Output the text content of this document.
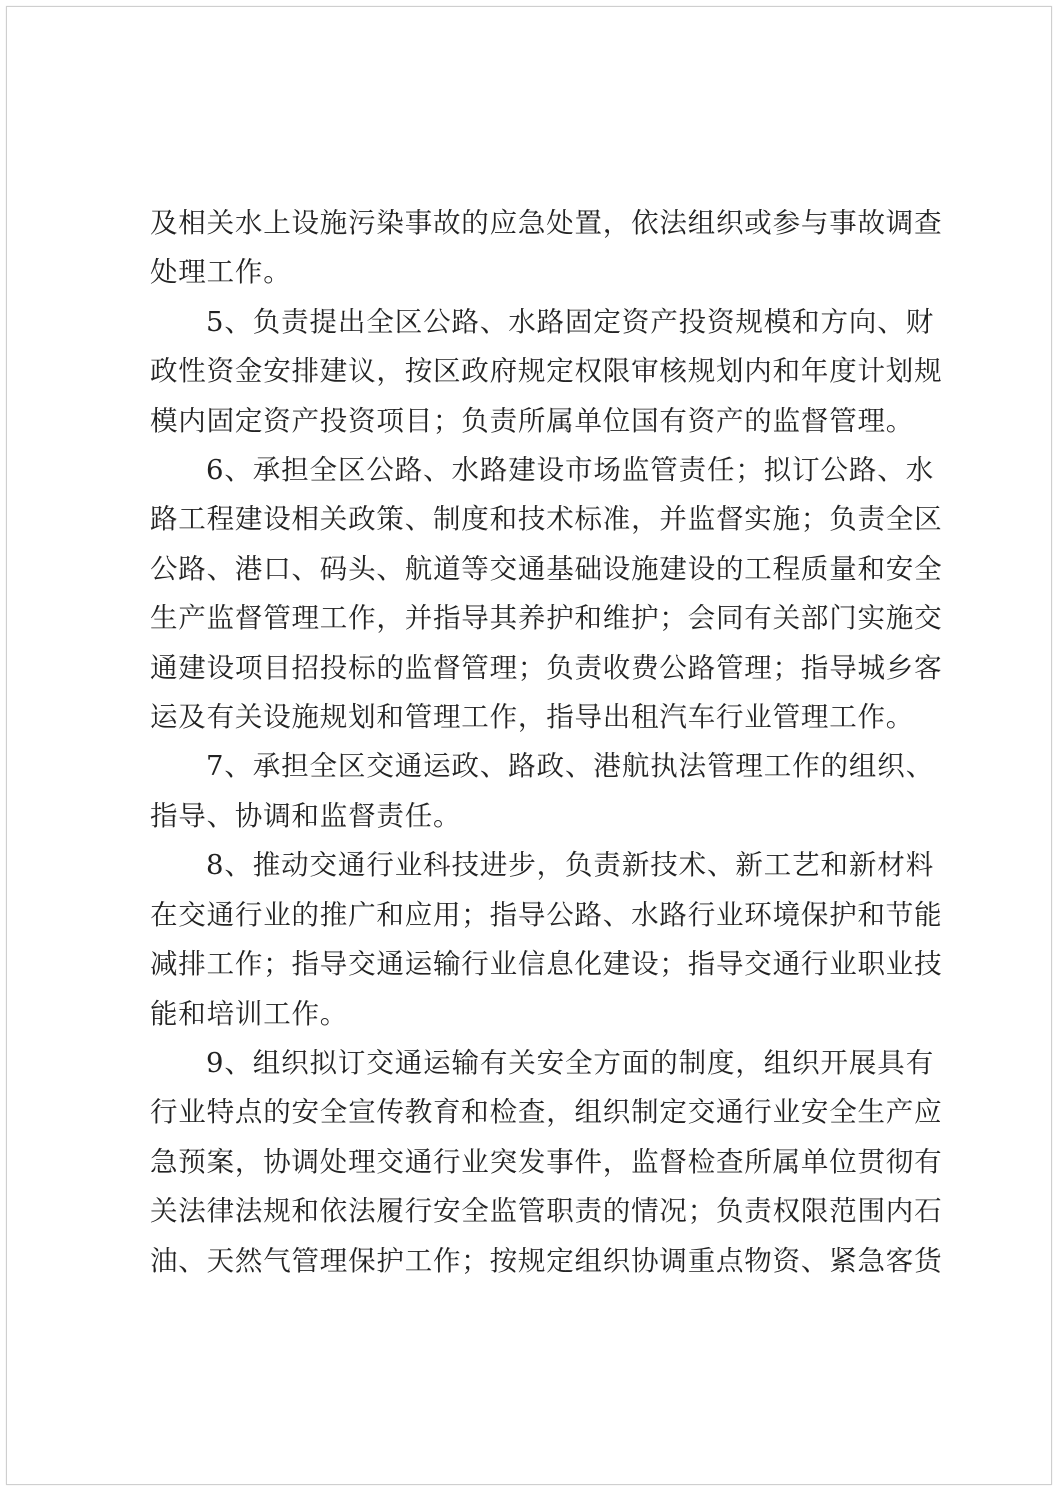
及相关水上设施污染事故的应急处置，依法组织或参与事故调查
处理工作。

5、负责提出全区公路、水路固定资产投资规模和方向、财
政性资金安排建议，按区政府规定权限审核规划内和年度计划规
模内固定资产投资项目；负责所属单位国有资产的监督管理。

6、承担全区公路、水路建设市场监管责任；拟订公路、水
路工程建设相关政策、制度和技术标准，并监督实施；负责全区
公路、港口、码头、航道等交通基础设施建设的工程质量和安全
生产监督管理工作，并指导其养护和维护；会同有关部门实施交
通建设项目招投标的监督管理；负责收费公路管理；指导城乡客
运及有关设施规划和管理工作，指导出租汽车行业管理工作。

7、承担全区交通运政、路政、港航执法管理工作的组织、
指导、协调和监督责任。

8、推动交通行业科技进步，负责新技术、新工艺和新材料
在交通行业的推广和应用；指导公路、水路行业环境保护和节能
减排工作；指导交通运输行业信息化建设；指导交通行业职业技
能和培训工作。

9、组织拟订交通运输有关安全方面的制度，组织开展具有
行业特点的安全宣传教育和检查，组织制定交通行业安全生产应
急预案，协调处理交通行业突发事件，监督检查所属单位贯彻有
关法律法规和依法履行安全监管职责的情况；负责权限范围内石
油、天然气管理保护工作；按规定组织协调重点物资、紧急客货
